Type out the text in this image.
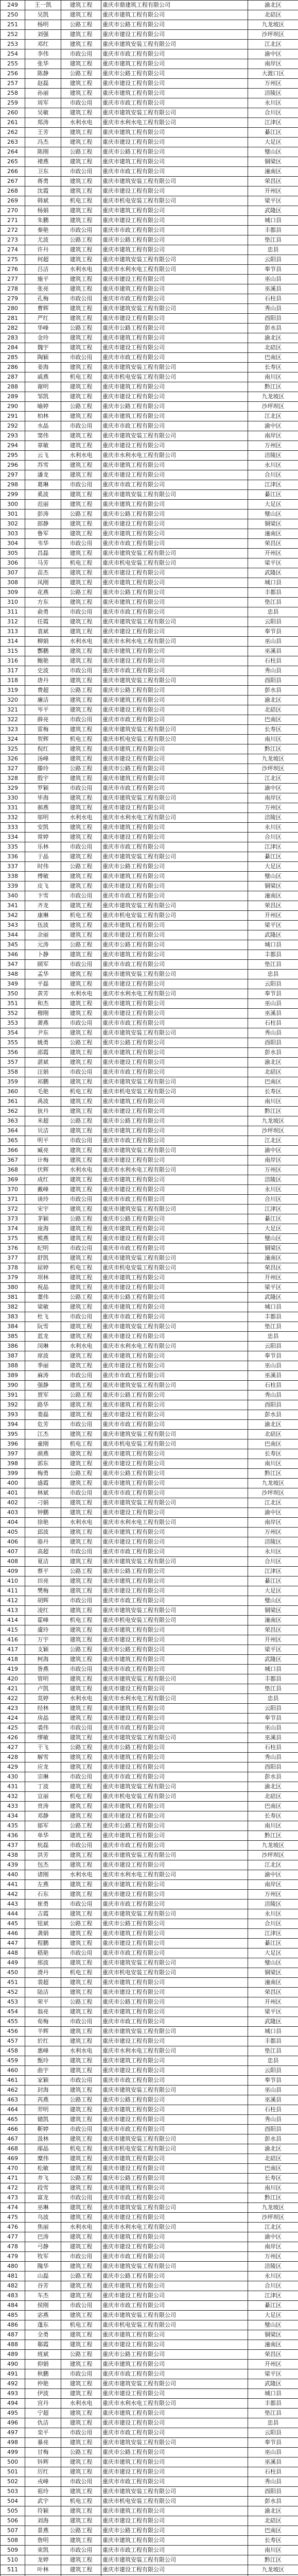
249	王一凯	建筑工程	重庆市鼎建筑工程有限公司	渝北区
250	吴凯	建筑工程	重庆市建筑工程有限公司	北碚区
251	杨明	公路工程	重庆市公路工程有限公司	九龙坡区
252	刘强	建筑工程	重庆市建设工程有限公司	沙坪坝区
253	邓红	建筑工程	重庆市建筑安装工程有限公司	江北区
254	李伟	市政公用	重庆市市政工程有限公司	渝中区
255	张华	建筑工程	重庆市建筑工程有限公司	南岸区
256	陈静	公路工程	重庆市公路工程有限公司	大渡口区
257	赵磊	建筑工程	重庆市建设工程有限公司	万州区
258	孙丽	建筑工程	重庆市建筑工程有限公司	涪陵区
259	周军	市政公用	重庆市市政工程有限公司	永川区
260	吴敏	建筑工程	重庆市建筑安装工程有限公司	合川区
261	郑涛	水利水电	重庆市水利水电工程有限公司	江津区
262	王芳	建筑工程	重庆市建筑工程有限公司	綦江区
263	冯杰	建筑工程	重庆市建设工程有限公司	大足区
264	陈刚	公路工程	重庆市公路工程有限公司	璧山区
265	褚燕	建筑工程	重庆市建筑工程有限公司	铜梁区
266	卫东	市政公用	重庆市市政工程有限公司	潼南区
267	蒋勇	建筑工程	重庆市建筑安装工程有限公司	荣昌区
268	沈霞	建筑工程	重庆市建设工程有限公司	开州区
269	韩斌	机电工程	重庆市机电安装工程有限公司	梁平区
270	杨娟	建筑工程	重庆市建筑工程有限公司	武隆区
271	朱鹏	建筑工程	重庆市建设工程有限公司	城口县
272	秦艳	市政公用	重庆市市政工程有限公司	丰都县
273	尤波	公路工程	重庆市公路工程有限公司	垫江县
274	许丹	建筑工程	重庆市建筑工程有限公司	忠县
275	何超	建筑工程	重庆市建筑安装工程有限公司	云阳县
276	吕洁	水利水电	重庆市水利水电工程有限公司	奉节县
277	施平	建筑工程	重庆市建设工程有限公司	巫山县
278	张亮	建筑工程	重庆市建筑工程有限公司	巫溪县
279	孔梅	市政公用	重庆市市政工程有限公司	石柱县
280	曹辉	建筑工程	重庆市建筑安装工程有限公司	秀山县
281	严红	建筑工程	重庆市建设工程有限公司	酉阳县
282	华峰	公路工程	重庆市公路工程有限公司	彭水县
283	金玲	建筑工程	重庆市建筑工程有限公司	渝北区
284	魏宇	建筑工程	重庆市建设工程有限公司	北碚区
285	陶颖	市政公用	重庆市市政工程有限公司	巴南区
286	姜海	建筑工程	重庆市建筑安装工程有限公司	长寿区
287	戚燕	机电工程	重庆市机电安装工程有限公司	南川区
288	谢明	建筑工程	重庆市建筑工程有限公司	黔江区
289	邹凯	建筑工程	重庆市建设工程有限公司	九龙坡区
290	喻婷	公路工程	重庆市公路工程有限公司	沙坪坝区
291	柏林	建筑工程	重庆市建筑工程有限公司	江北区
292	水晶	市政公用	重庆市市政工程有限公司	渝中区
293	窦伟	建筑工程	重庆市建筑安装工程有限公司	南岸区
294	章敏	建筑工程	重庆市建设工程有限公司	万州区
295	云飞	水利水电	重庆市水利水电工程有限公司	涪陵区
296	苏雪	建筑工程	重庆市建筑工程有限公司	永川区
297	潘龙	建筑工程	重庆市建设工程有限公司	合川区
298	葛琳	市政公用	重庆市市政工程有限公司	江津区
299	奚波	建筑工程	重庆市建筑安装工程有限公司	綦江区
300	范丽	建筑工程	重庆市建筑工程有限公司	大足区
301	彭涛	公路工程	重庆市公路工程有限公司	璧山区
302	郎静	建筑工程	重庆市建设工程有限公司	铜梁区
303	鲁军	建筑工程	重庆市建筑工程有限公司	潼南区
304	韦华	市政公用	重庆市市政工程有限公司	荣昌区
305	昌磊	建筑工程	重庆市建筑安装工程有限公司	开州区
306	马芳	机电工程	重庆市机电安装工程有限公司	梁平区
307	苗杰	建筑工程	重庆市建设工程有限公司	武隆区
308	凤刚	建筑工程	重庆市建筑工程有限公司	城口县
309	花燕	公路工程	重庆市公路工程有限公司	丰都县
310	方东	建筑工程	重庆市建筑工程有限公司	垫江县
311	俞勇	市政公用	重庆市市政工程有限公司	忠县
312	任霞	建筑工程	重庆市建筑安装工程有限公司	云阳县
313	袁斌	建筑工程	重庆市建设工程有限公司	奉节县
314	柳娟	水利水电	重庆市水利水电工程有限公司	巫山县
315	酆鹏	建筑工程	重庆市建筑工程有限公司	巫溪县
316	鲍艳	建筑工程	重庆市建设工程有限公司	石柱县
317	史波	市政公用	重庆市市政工程有限公司	秀山县
318	唐丹	建筑工程	重庆市建筑安装工程有限公司	酉阳县
319	费超	公路工程	重庆市公路工程有限公司	彭水县
320	廉洁	建筑工程	重庆市建筑工程有限公司	渝北区
321	岑平	建筑工程	重庆市建设工程有限公司	北碚区
322	薛亮	市政公用	重庆市市政工程有限公司	巴南区
323	雷梅	建筑工程	重庆市建筑安装工程有限公司	长寿区
324	贺辉	机电工程	重庆市机电安装工程有限公司	南川区
325	倪红	建筑工程	重庆市建筑工程有限公司	黔江区
326	汤峰	建筑工程	重庆市建设工程有限公司	九龙坡区
327	滕玲	公路工程	重庆市公路工程有限公司	沙坪坝区
328	殷宇	建筑工程	重庆市建筑工程有限公司	江北区
329	罗颖	市政公用	重庆市市政工程有限公司	渝中区
330	毕海	建筑工程	重庆市建筑安装工程有限公司	南岸区
331	郝燕	建筑工程	重庆市建设工程有限公司	万州区
332	邬明	水利水电	重庆市水利水电工程有限公司	涪陵区
333	安凯	建筑工程	重庆市建筑工程有限公司	永川区
334	常婷	建筑工程	重庆市建设工程有限公司	合川区
335	乐林	市政公用	重庆市市政工程有限公司	江津区
336	于晶	建筑工程	重庆市建筑安装工程有限公司	綦江区
337	时伟	公路工程	重庆市公路工程有限公司	大足区
338	傅敏	建筑工程	重庆市建筑工程有限公司	璧山区
339	皮飞	建筑工程	重庆市建设工程有限公司	铜梁区
340	卞雪	市政公用	重庆市市政工程有限公司	潼南区
341	齐龙	建筑工程	重庆市建筑安装工程有限公司	荣昌区
342	康琳	机电工程	重庆市机电安装工程有限公司	开州区
343	伍波	建筑工程	重庆市建筑工程有限公司	梁平区
344	余丽	建筑工程	重庆市建设工程有限公司	武隆区
345	元涛	公路工程	重庆市公路工程有限公司	城口县
346	卜静	建筑工程	重庆市建筑工程有限公司	丰都县
347	顾军	市政公用	重庆市市政工程有限公司	垫江县
348	孟华	建筑工程	重庆市建筑安装工程有限公司	忠县
349	平磊	建筑工程	重庆市建设工程有限公司	云阳县
350	黄芳	水利水电	重庆市水利水电工程有限公司	奉节县
351	和杰	建筑工程	重庆市建筑工程有限公司	巫山县
352	穆刚	建筑工程	重庆市建设工程有限公司	巫溪县
353	萧燕	市政公用	重庆市市政工程有限公司	石柱县
354	尹东	建筑工程	重庆市建筑安装工程有限公司	秀山县
355	姚勇	公路工程	重庆市公路工程有限公司	酉阳县
356	邵霞	建筑工程	重庆市建筑工程有限公司	彭水县
357	湛斌	建筑工程	重庆市建设工程有限公司	渝北区
358	汪娟	市政公用	重庆市市政工程有限公司	北碚区
359	祁鹏	建筑工程	重庆市建筑安装工程有限公司	巴南区
360	毛艳	机电工程	重庆市机电安装工程有限公司	长寿区
361	禹波	建筑工程	重庆市建筑工程有限公司	南川区
362	狄丹	建筑工程	重庆市建设工程有限公司	黔江区
363	米超	公路工程	重庆市公路工程有限公司	九龙坡区
364	贝洁	建筑工程	重庆市建筑工程有限公司	沙坪坝区
365	明平	市政公用	重庆市市政工程有限公司	江北区
366	臧亮	建筑工程	重庆市建筑安装工程有限公司	渝中区
367	计梅	建筑工程	重庆市建设工程有限公司	南岸区
368	伏辉	水利水电	重庆市水利水电工程有限公司	万州区
369	成红	建筑工程	重庆市建筑工程有限公司	涪陵区
370	戴峰	建筑工程	重庆市建设工程有限公司	永川区
371	谈玲	市政公用	重庆市市政工程有限公司	合川区
372	宋宇	建筑工程	重庆市建筑安装工程有限公司	江津区
373	茅颖	公路工程	重庆市公路工程有限公司	綦江区
374	庞海	建筑工程	重庆市建筑工程有限公司	大足区
375	熊燕	建筑工程	重庆市建设工程有限公司	璧山区
376	纪明	市政公用	重庆市市政工程有限公司	铜梁区
377	舒凯	建筑工程	重庆市建筑安装工程有限公司	潼南区
378	屈婷	机电工程	重庆市机电安装工程有限公司	荣昌区
379	项林	建筑工程	重庆市建筑工程有限公司	开州区
380	祝晶	建筑工程	重庆市建设工程有限公司	梁平区
381	董伟	公路工程	重庆市公路工程有限公司	武隆区
382	梁敏	建筑工程	重庆市建筑工程有限公司	城口县
383	杜飞	市政公用	重庆市市政工程有限公司	丰都县
384	阮雪	建筑工程	重庆市建筑安装工程有限公司	垫江县
385	蓝龙	建筑工程	重庆市建设工程有限公司	忠县
386	闵琳	水利水电	重庆市水利水电工程有限公司	云阳县
387	席波	建筑工程	重庆市建筑工程有限公司	奉节县
388	季丽	建筑工程	重庆市建设工程有限公司	巫山县
389	麻涛	市政公用	重庆市市政工程有限公司	巫溪县
390	强静	建筑工程	重庆市建筑安装工程有限公司	石柱县
391	贾军	公路工程	重庆市公路工程有限公司	秀山县
392	路华	建筑工程	重庆市建筑工程有限公司	酉阳县
393	娄磊	建筑工程	重庆市建设工程有限公司	彭水县
394	危芳	市政公用	重庆市市政工程有限公司	渝北区
395	江杰	建筑工程	重庆市建筑安装工程有限公司	北碚区
396	童刚	机电工程	重庆市机电安装工程有限公司	巴南区
397	颜燕	建筑工程	重庆市建筑工程有限公司	长寿区
398	郭东	建筑工程	重庆市建设工程有限公司	南川区
399	梅勇	公路工程	重庆市公路工程有限公司	黔江区
400	盛霞	建筑工程	重庆市建筑工程有限公司	九龙坡区
401	林斌	市政公用	重庆市市政工程有限公司	沙坪坝区
402	刁娟	建筑工程	重庆市建筑安装工程有限公司	江北区
403	钟鹏	建筑工程	重庆市建设工程有限公司	渝中区
404	徐艳	水利水电	重庆市水利水电工程有限公司	南岸区
405	邱波	建筑工程	重庆市建筑工程有限公司	万州区
406	骆丹	建筑工程	重庆市建设工程有限公司	涪陵区
407	高超	市政公用	重庆市市政工程有限公司	永川区
408	夏洁	建筑工程	重庆市建筑安装工程有限公司	合川区
409	蔡平	公路工程	重庆市公路工程有限公司	江津区
410	田亮	建筑工程	重庆市建筑工程有限公司	綦江区
411	樊梅	建筑工程	重庆市建设工程有限公司	大足区
412	胡辉	市政公用	重庆市市政工程有限公司	璧山区
413	凌红	建筑工程	重庆市建筑安装工程有限公司	铜梁区
414	霍峰	机电工程	重庆市机电安装工程有限公司	潼南区
415	虞玲	建筑工程	重庆市建筑工程有限公司	荣昌区
416	万宇	建筑工程	重庆市建设工程有限公司	开州区
417	支颖	公路工程	重庆市公路工程有限公司	梁平区
418	柯海	建筑工程	重庆市建筑工程有限公司	武隆区
419	昝燕	市政公用	重庆市市政工程有限公司	城口县
420	管明	建筑工程	重庆市建筑安装工程有限公司	丰都县
421	卢凯	建筑工程	重庆市建设工程有限公司	垫江县
422	莫婷	水利水电	重庆市水利水电工程有限公司	忠县
423	经林	建筑工程	重庆市建筑工程有限公司	云阳县
424	房晶	建筑工程	重庆市建设工程有限公司	奉节县
425	裘伟	市政公用	重庆市市政工程有限公司	巫山县
426	缪敏	建筑工程	重庆市建筑安装工程有限公司	巫溪县
427	干飞	公路工程	重庆市公路工程有限公司	石柱县
428	解雪	建筑工程	重庆市建筑工程有限公司	秀山县
429	应龙	建筑工程	重庆市建设工程有限公司	酉阳县
430	宗琳	市政公用	重庆市市政工程有限公司	彭水县
431	丁波	建筑工程	重庆市建筑安装工程有限公司	渝北区
432	宣丽	机电工程	重庆市机电安装工程有限公司	北碚区
433	贲涛	建筑工程	重庆市建筑工程有限公司	巴南区
434	邓静	建筑工程	重庆市建设工程有限公司	长寿区
435	郁军	公路工程	重庆市公路工程有限公司	南川区
436	单华	建筑工程	重庆市建筑工程有限公司	黔江区
437	杭磊	市政公用	重庆市市政工程有限公司	九龙坡区
438	洪芳	建筑工程	重庆市建筑安装工程有限公司	沙坪坝区
439	包杰	建筑工程	重庆市建设工程有限公司	江北区
440	诸刚	水利水电	重庆市水利水电工程有限公司	渝中区
441	左燕	建筑工程	重庆市建筑工程有限公司	南岸区
442	石东	建筑工程	重庆市建设工程有限公司	万州区
443	崔勇	市政公用	重庆市市政工程有限公司	涪陵区
444	吉霞	建筑工程	重庆市建筑安装工程有限公司	永川区
445	钮斌	公路工程	重庆市公路工程有限公司	合川区
446	龚娟	建筑工程	重庆市建筑工程有限公司	江津区
447	程鹏	建筑工程	重庆市建设工程有限公司	綦江区
448	嵇艳	市政公用	重庆市市政工程有限公司	大足区
449	邢波	建筑工程	重庆市建筑安装工程有限公司	璧山区
450	滑丹	机电工程	重庆市机电安装工程有限公司	铜梁区
451	裴超	建筑工程	重庆市建筑工程有限公司	潼南区
452	陆洁	建筑工程	重庆市建设工程有限公司	荣昌区
453	荣平	公路工程	重庆市公路工程有限公司	开州区
454	翁亮	建筑工程	重庆市建筑工程有限公司	梁平区
455	荀梅	市政公用	重庆市市政工程有限公司	武隆区
456	羊辉	建筑工程	重庆市建筑安装工程有限公司	城口县
457	於红	建筑工程	重庆市建设工程有限公司	丰都县
458	惠峰	水利水电	重庆市水利水电工程有限公司	垫江县
459	甄玲	建筑工程	重庆市建筑工程有限公司	忠县
460	曲宇	建筑工程	重庆市建设工程有限公司	云阳县
461	家颖	市政公用	重庆市市政工程有限公司	奉节县
462	封海	建筑工程	重庆市建筑安装工程有限公司	巫山县
463	芮燕	公路工程	重庆市公路工程有限公司	巫溪县
464	羿明	建筑工程	重庆市建筑工程有限公司	石柱县
465	储凯	建筑工程	重庆市建设工程有限公司	秀山县
466	靳婷	市政公用	重庆市市政工程有限公司	酉阳县
467	汲林	建筑工程	重庆市建筑安装工程有限公司	彭水县
468	邴晶	机电工程	重庆市机电安装工程有限公司	渝北区
469	糜伟	建筑工程	重庆市建筑工程有限公司	北碚区
470	松敏	建筑工程	重庆市建设工程有限公司	巴南区
471	井飞	公路工程	重庆市公路工程有限公司	长寿区
472	段雪	建筑工程	重庆市建筑工程有限公司	南川区
473	富龙	市政公用	重庆市市政工程有限公司	黔江区
474	巫琳	建筑工程	重庆市建筑安装工程有限公司	九龙坡区
475	乌波	建筑工程	重庆市建设工程有限公司	沙坪坝区
476	焦丽	水利水电	重庆市水利水电工程有限公司	江北区
477	巴涛	建筑工程	重庆市建筑工程有限公司	渝中区
478	弓静	建筑工程	重庆市建设工程有限公司	南岸区
479	牧军	市政公用	重庆市市政工程有限公司	万州区
480	隗华	建筑工程	重庆市建筑安装工程有限公司	涪陵区
481	山磊	公路工程	重庆市公路工程有限公司	永川区
482	谷芳	建筑工程	重庆市建筑工程有限公司	合川区
483	车杰	建筑工程	重庆市建设工程有限公司	江津区
484	侯刚	市政公用	重庆市市政工程有限公司	綦江区
485	宓燕	建筑工程	重庆市建筑安装工程有限公司	大足区
486	蓬东	机电工程	重庆市机电安装工程有限公司	璧山区
487	全勇	建筑工程	重庆市建筑工程有限公司	铜梁区
488	郗霞	建筑工程	重庆市建设工程有限公司	潼南区
489	班斌	公路工程	重庆市公路工程有限公司	荣昌区
490	仰娟	建筑工程	重庆市建筑工程有限公司	开州区
491	秋鹏	市政公用	重庆市市政工程有限公司	梁平区
492	仲艳	建筑工程	重庆市建筑安装工程有限公司	武隆区
493	伊波	建筑工程	重庆市建设工程有限公司	城口县
494	宫丹	水利水电	重庆市水利水电工程有限公司	丰都县
495	宁超	建筑工程	重庆市建筑工程有限公司	垫江县
496	仇洁	建筑工程	重庆市建设工程有限公司	忠县
497	栾平	市政公用	重庆市市政工程有限公司	云阳县
498	暴亮	建筑工程	重庆市建筑安装工程有限公司	奉节县
499	甘梅	公路工程	重庆市公路工程有限公司	巫山县
500	钭辉	建筑工程	重庆市建筑工程有限公司	巫溪县
501	厉红	建筑工程	重庆市建设工程有限公司	石柱县
502	戎峰	市政公用	重庆市市政工程有限公司	秀山县
503	祖玲	建筑工程	重庆市建筑安装工程有限公司	酉阳县
504	武宇	机电工程	重庆市机电安装工程有限公司	彭水县
505	符颖	建筑工程	重庆市建筑工程有限公司	渝北区
506	刘海	建筑工程	重庆市建设工程有限公司	北碚区
507	景燕	公路工程	重庆市公路工程有限公司	巴南区
508	詹明	建筑工程	重庆市建筑工程有限公司	长寿区
509	束凯	市政公用	重庆市市政工程有限公司	南川区
510	龙婷	建筑工程	重庆市建筑安装工程有限公司	黔江区
511	叶林	建筑工程	重庆市建设工程有限公司	九龙坡区
